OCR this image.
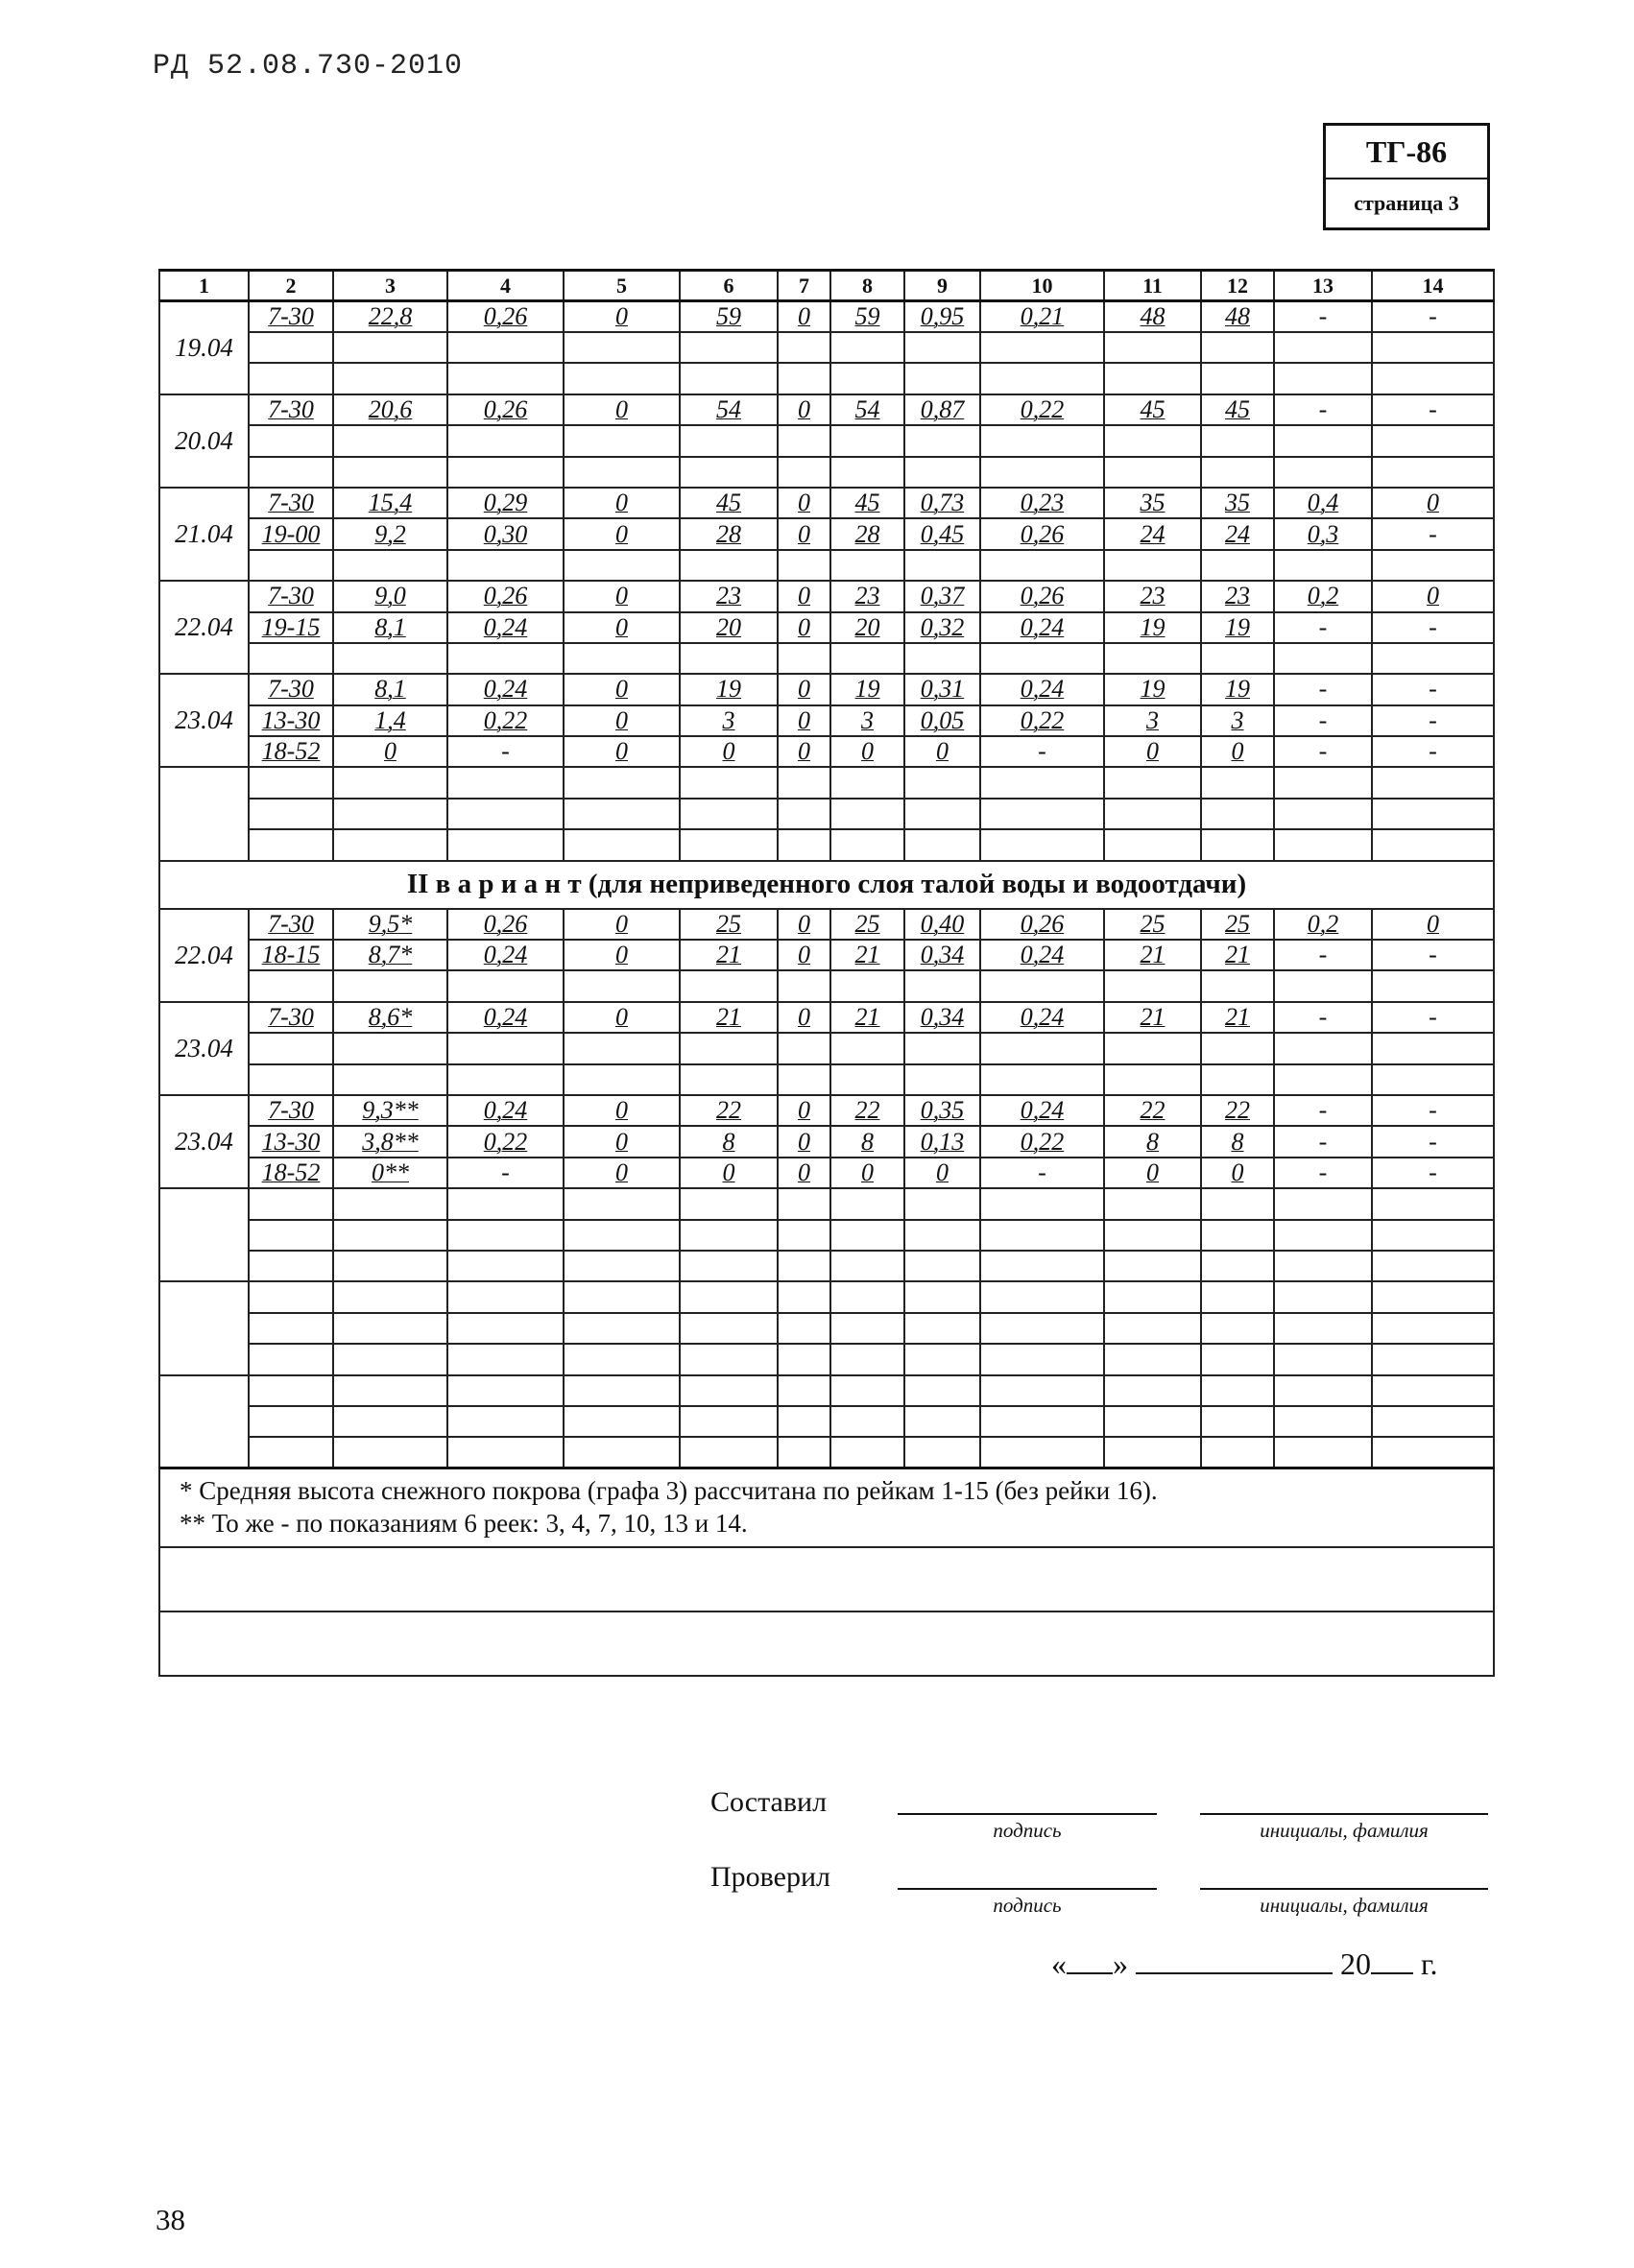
РД 52.08.730-2010
ТГ-86
страница 3
1	2	3	4	5	6	7	8	9	10	11	12	13	14
19.04	7-30	22,8	0,26	0	59	0	59	0,95	0,21	48	48	-	-

20.04	7-30	20,6	0,26	0	54	0	54	0,87	0,22	45	45	-	-

21.04	7-30	15,4	0,29	0	45	0	45	0,73	0,23	35	35	0,4	0
	19-00	9,2	0,30	0	28	0	28	0,45	0,26	24	24	0,3	-

22.04	7-30	9,0	0,26	0	23	0	23	0,37	0,26	23	23	0,2	0
	19-15	8,1	0,24	0	20	0	20	0,32	0,24	19	19	-	-

23.04	7-30	8,1	0,24	0	19	0	19	0,31	0,24	19	19	-	-
	13-30	1,4	0,22	0	3	0	3	0,05	0,22	3	3	-	-
	18-52	0	-	0	0	0	0	0	-	0	0	-	-

II в а р и а н т (для неприведенного слоя талой воды и водоотдачи)													
22.04	7-30	9,5*	0,26	0	25	0	25	0,40	0,26	25	25	0,2	0
	18-15	8,7*	0,24	0	21	0	21	0,34	0,24	21	21	-	-

23.04	7-30	8,6*	0,24	0	21	0	21	0,34	0,24	21	21	-	-

23.04	7-30	9,3**	0,24	0	22	0	22	0,35	0,24	22	22	-	-
	13-30	3,8**	0,22	0	8	0	8	0,13	0,22	8	8	-	-
	18-52	0**	-	0	0	0	0	0	-	0	0	-	-

* Средняя высота снежного покрова (графа 3) рассчитана по рейкам 1-15 (без рейки 16).
** То же - по показаниям 6 реек: 3, 4, 7, 10, 13 и 14.													

Составил
подпись	инициалы, фамилия
Проверил
подпись	инициалы, фамилия
« »	20 г.
38
